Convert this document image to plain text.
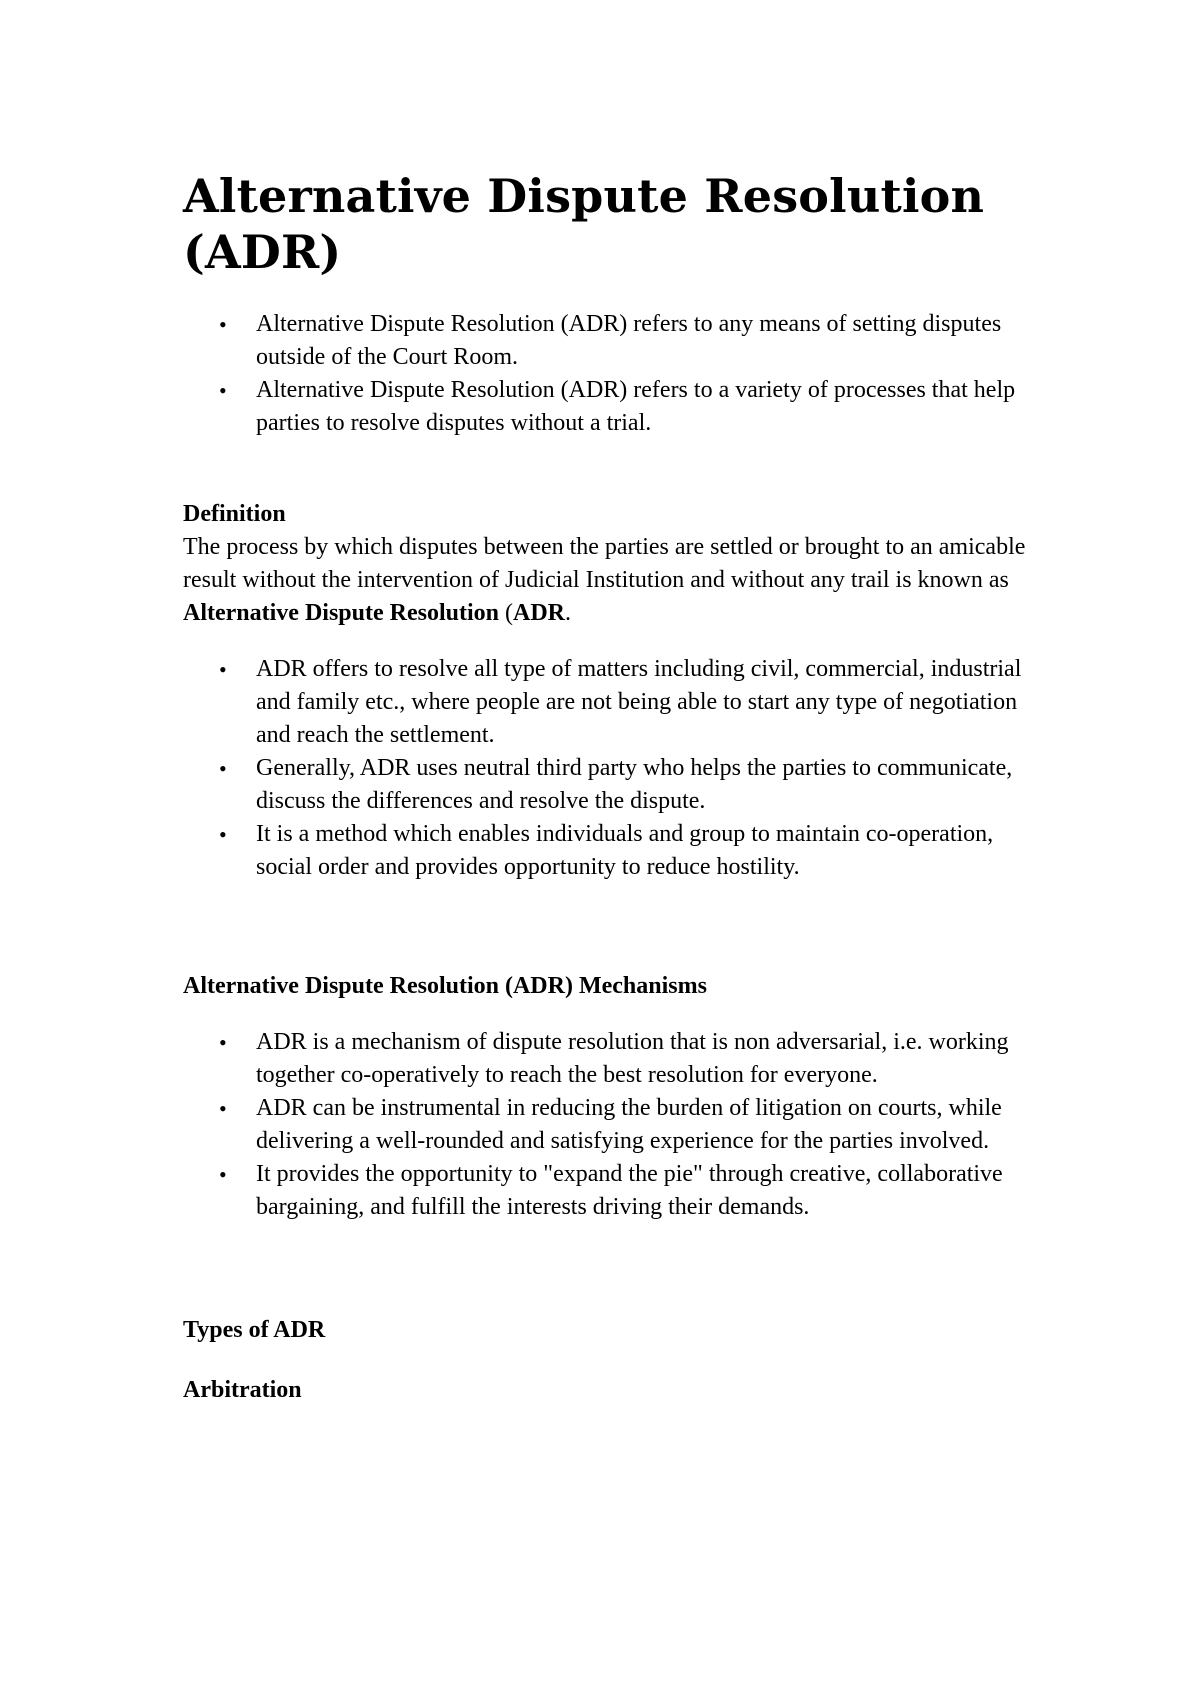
Alternative Dispute Resolution (ADR)
• Alternative Dispute Resolution (ADR) refers to any means of setting disputes outside of the Court Room.
• Alternative Dispute Resolution (ADR) refers to a variety of processes that help parties to resolve disputes without a trial.

Definition

The process by which disputes between the parties are settled or brought to an amicable result without the intervention of Judicial Institution and without any trail is known as Alternative Dispute Resolution (ADR.

• ADR offers to resolve all type of matters including civil, commercial, industrial and family etc., where people are not being able to start any type of negotiation and reach the settlement.
• Generally, ADR uses neutral third party who helps the parties to communicate, discuss the differences and resolve the dispute.
• It is a method which enables individuals and group to maintain co-operation, social order and provides opportunity to reduce hostility.

Alternative Dispute Resolution (ADR) Mechanisms

• ADR is a mechanism of dispute resolution that is non adversarial, i.e. working together co-operatively to reach the best resolution for everyone.
• ADR can be instrumental in reducing the burden of litigation on courts, while delivering a well-rounded and satisfying experience for the parties involved.
• It provides the opportunity to "expand the pie" through creative, collaborative bargaining, and fulfill the interests driving their demands.

Types of ADR

Arbitration
